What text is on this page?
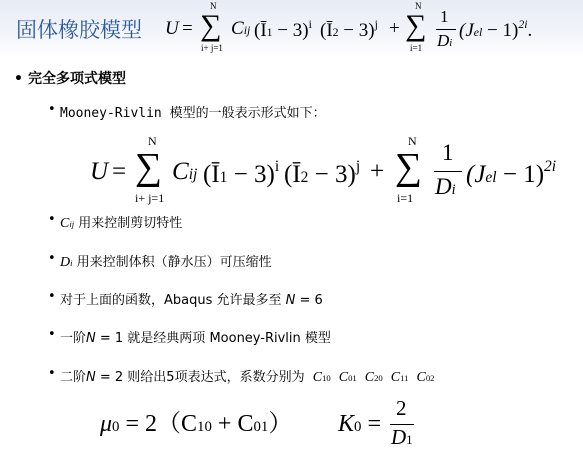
固体橡胶模型 U =
N
∑
i+ j=1
Cij (Ī1 − 3)$^i$ (Ī2 − 3)$^j$ +
N
∑
i=1
1
Di
(Jel − 1)$^{2i}$.
• 完全多项式模型
• Mooney-Rivlin 模型的一般表示形式如下：
U =
N
∑
i+ j=1
Cij (Ī1 − 3)$^i$ (Ī2 − 3)$^j$ +
N
∑
i=1
1
Di
(Jel − 1)$^{2i}$
• Cij 用来控制剪切特性
• Di 用来控制体积（静水压）可压缩性
• 对于上面的函数，Abaqus 允许最多至 N = 6
• 一阶N = 1 就是经典两项 Mooney-Rivlin 模型
• 二阶N = 2 则给出5项表达式，系数分别为 C10 C01 C20 C11 C02
μ0 = 2（C10 + C01） K0 =
2
D1
